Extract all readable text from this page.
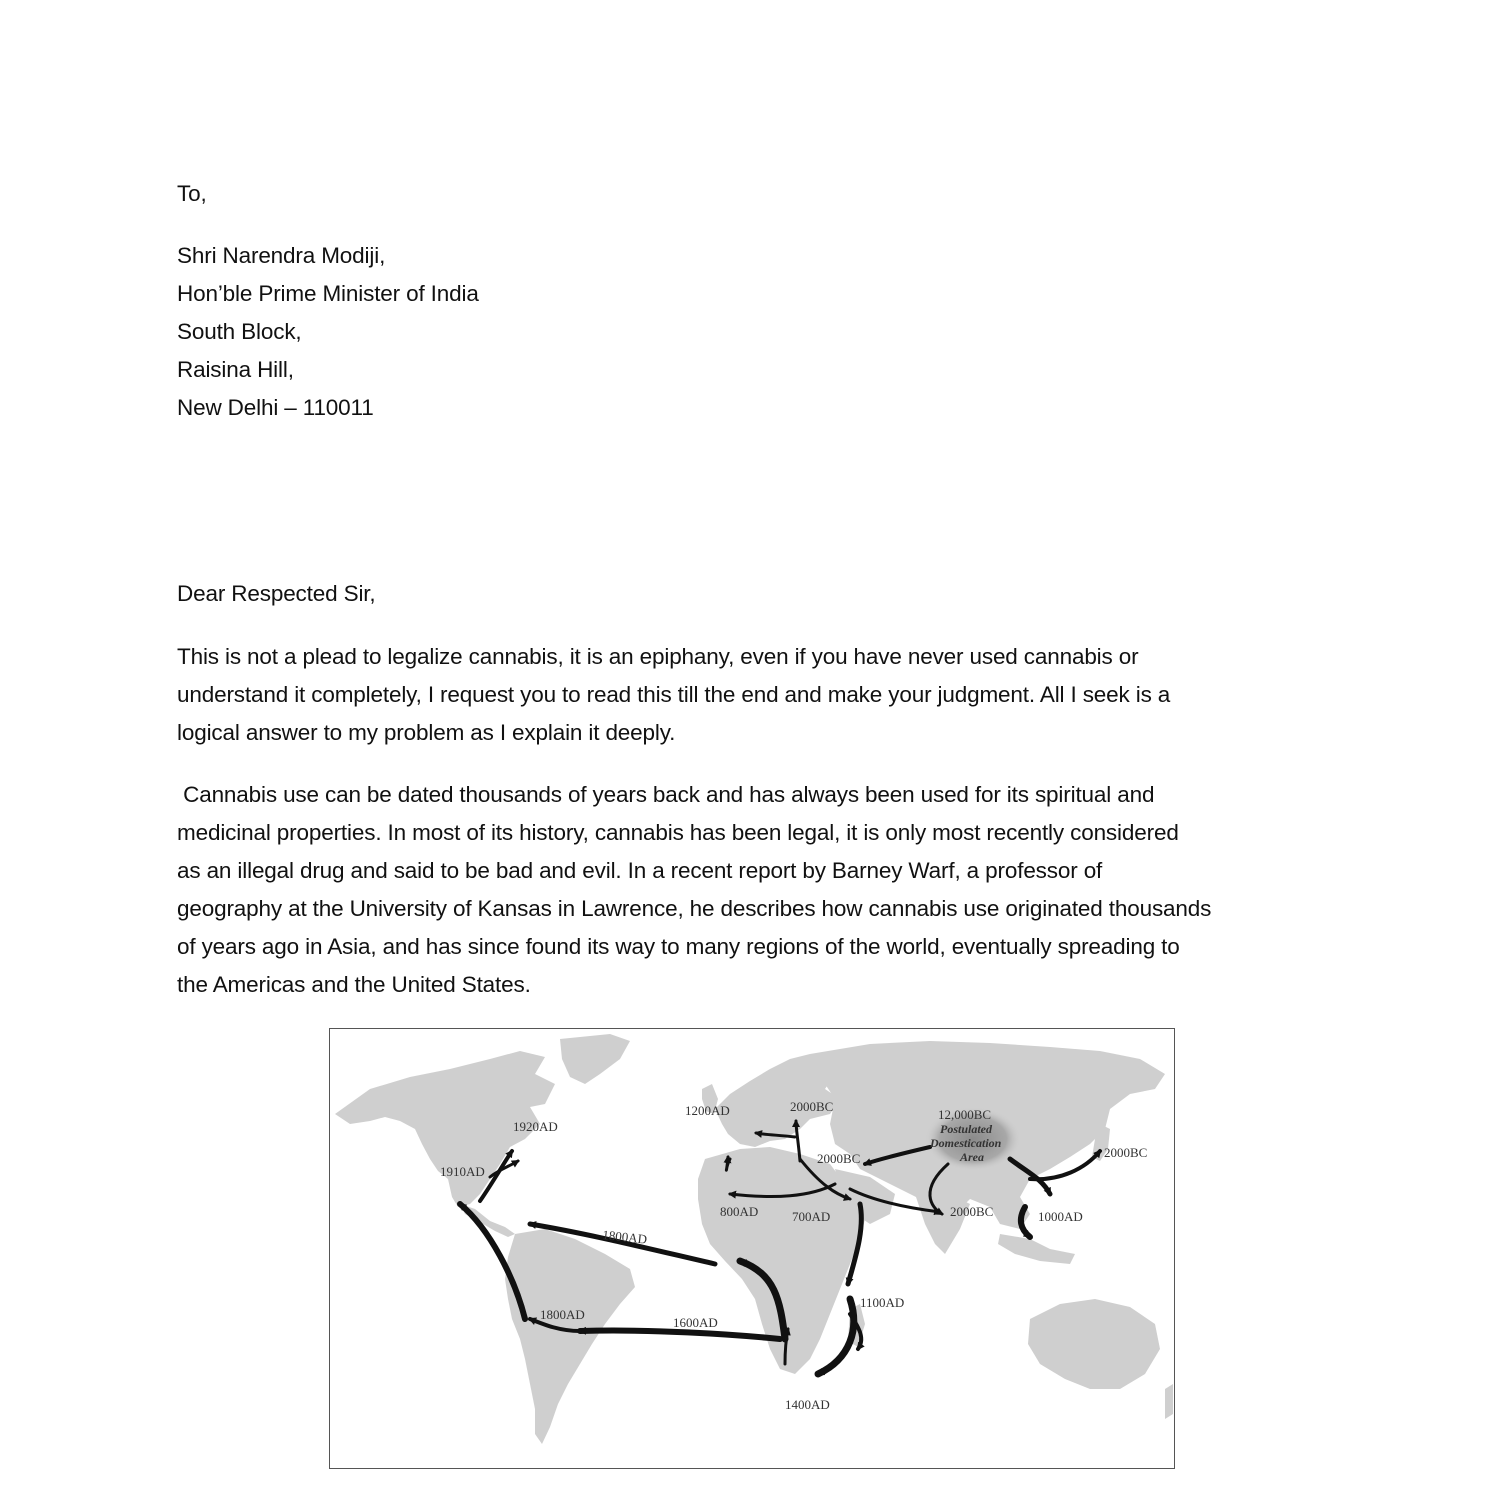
To,
Shri Narendra Modiji,
Hon’ble Prime Minister of India
South Block,
Raisina Hill,
New Delhi – 110011
Dear Respected Sir,
This is not a plead to legalize cannabis, it is an epiphany, even if you have never used cannabis or
understand it completely, I request you to read this till the end and make your judgment. All I seek is a
logical answer to my problem as I explain it deeply.
Cannabis use can be dated thousands of years back and has always been used for its spiritual and
medicinal properties. In most of its history, cannabis has been legal, it is only most recently considered
as an illegal drug and said to be bad and evil. In a recent report by Barney Warf, a professor of
geography at the University of Kansas in Lawrence, he describes how cannabis use originated thousands
of years ago in Asia, and has since found its way to many regions of the world, eventually spreading to
the Americas and the United States.
12,000BC
Postulated
Domestication
Area
1920AD
1910AD
1200AD	2000BC
2000BC	2000BC
2000BC
800AD	700AD	1000AD
1800AD
1800AD
1600AD
1100AD
1400AD
